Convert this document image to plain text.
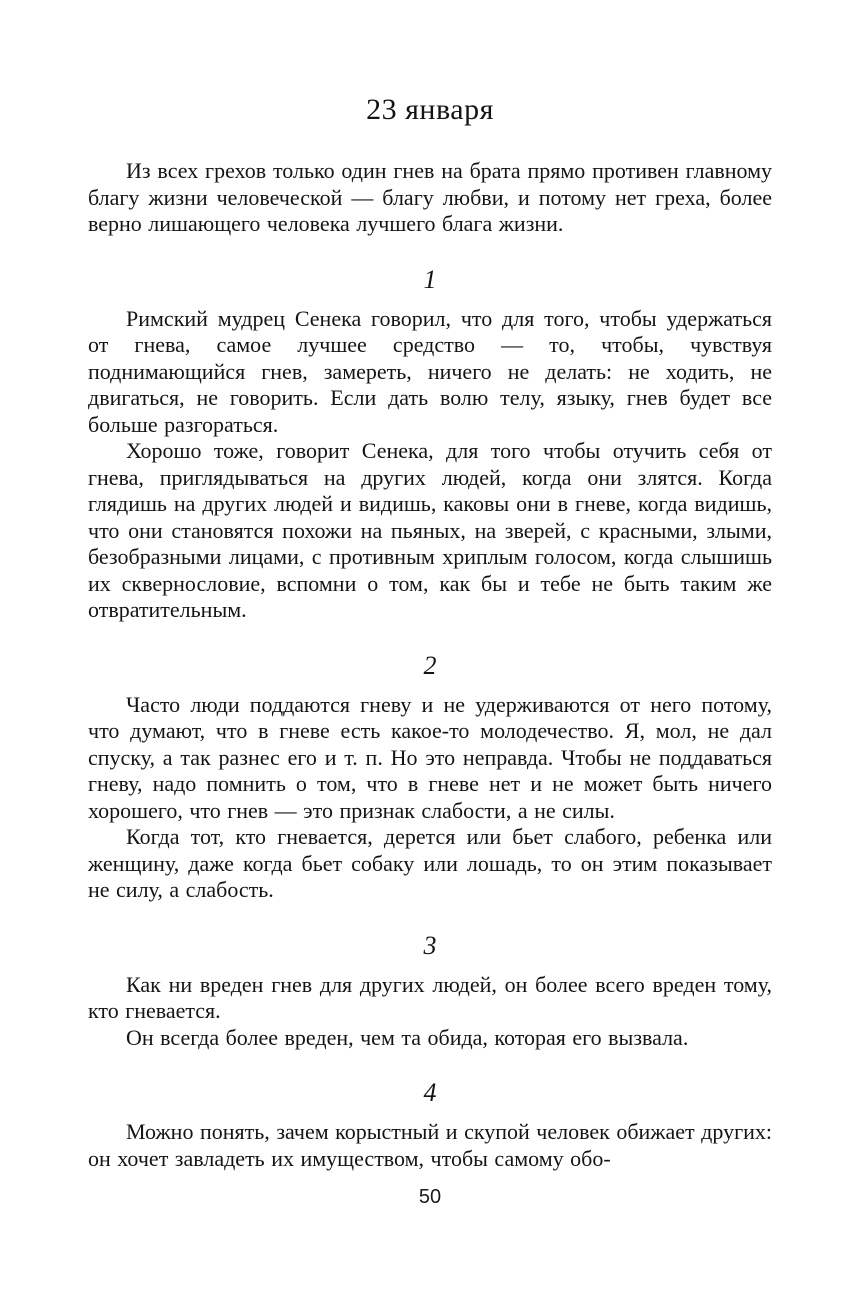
23 января

Из всех грехов только один гнев на брата прямо противен главному благу жизни человеческой — благу любви, и потому нет греха, более верно лишающего человека лучшего блага жизни.

1

Римский мудрец Сенека говорил, что для того, чтобы удержаться от гнева, самое лучшее средство — то, чтобы, чувствуя поднимающийся гнев, замереть, ничего не делать: не ходить, не двигаться, не говорить. Если дать волю телу, языку, гнев будет все больше разгораться.

Хорошо тоже, говорит Сенека, для того чтобы отучить себя от гнева, приглядываться на других людей, когда они злятся. Когда глядишь на других людей и видишь, каковы они в гневе, когда видишь, что они становятся похожи на пьяных, на зверей, с красными, злыми, безобразными лицами, с противным хриплым голосом, когда слышишь их сквернословие, вспомни о том, как бы и тебе не быть таким же отвратительным.

2

Часто люди поддаются гневу и не удерживаются от него потому, что думают, что в гневе есть какое-то молодечество. Я, мол, не дал спуску, а так разнес его и т. п. Но это неправда. Чтобы не поддаваться гневу, надо помнить о том, что в гневе нет и не может быть ничего хорошего, что гнев — это признак слабости, а не силы.

Когда тот, кто гневается, дерется или бьет слабого, ребенка или женщину, даже когда бьет собаку или лошадь, то он этим показывает не силу, а слабость.

3

Как ни вреден гнев для других людей, он более всего вреден тому, кто гневается.

Он всегда более вреден, чем та обида, которая его вызвала.

4

Можно понять, зачем корыстный и скупой человек обижает других: он хочет завладеть их имуществом, чтобы самому обо-

50
